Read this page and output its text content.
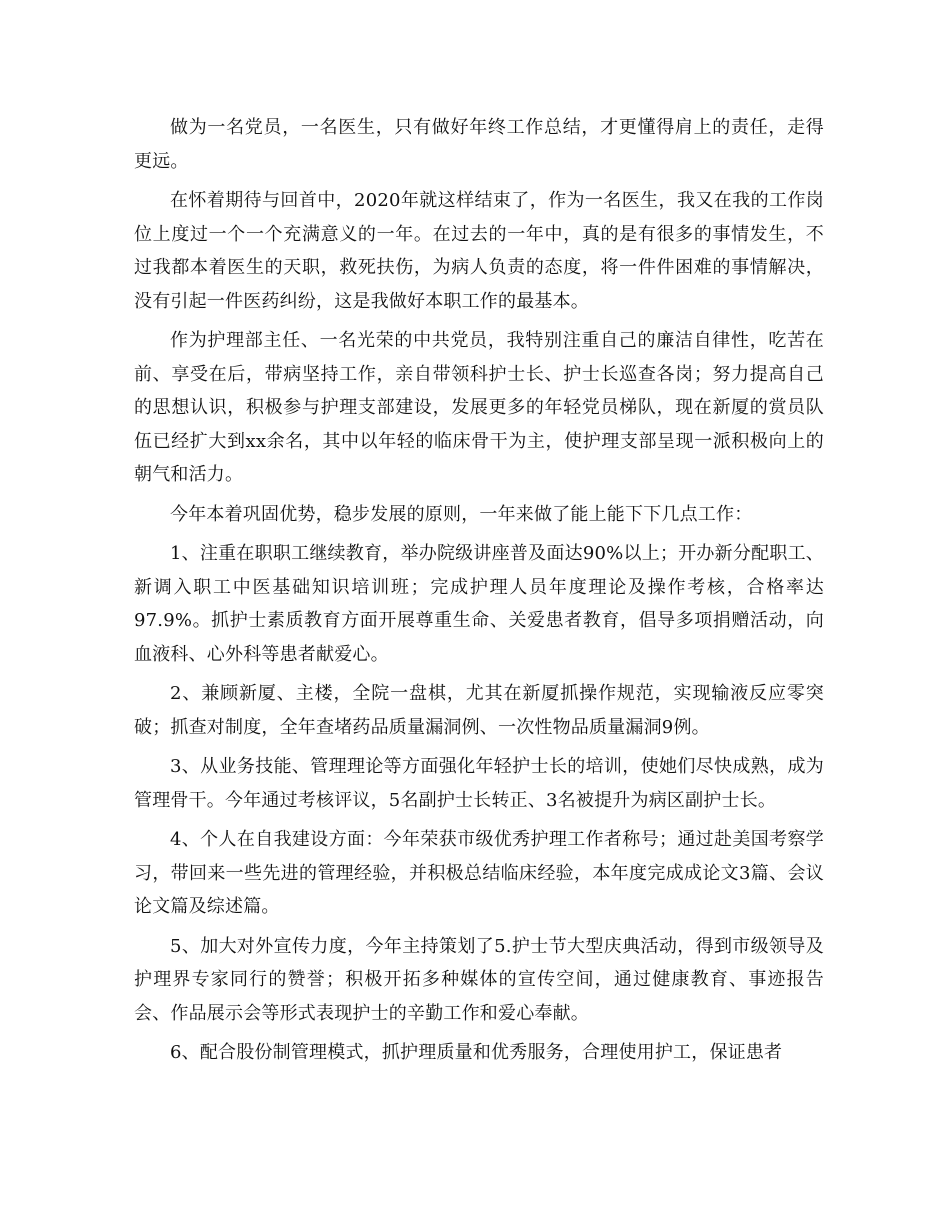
做为一名党员，一名医生，只有做好年终工作总结，才更懂得肩上的责任，走得更远。

在怀着期待与回首中，2020年就这样结束了，作为一名医生，我又在我的工作岗位上度过一个一个充满意义的一年。在过去的一年中，真的是有很多的事情发生，不过我都本着医生的天职，救死扶伤，为病人负责的态度，将一件件困难的事情解决，没有引起一件医药纠纷，这是我做好本职工作的最基本。

作为护理部主任、一名光荣的中共党员，我特别注重自己的廉洁自律性，吃苦在前、享受在后，带病坚持工作，亲自带领科护士长、护士长巡查各岗；努力提高自己的思想认识，积极参与护理支部建设，发展更多的年轻党员梯队，现在新厦的赏员队伍已经扩大到xx余名，其中以年轻的临床骨干为主，使护理支部呈现一派积极向上的朝气和活力。

今年本着巩固优势，稳步发展的原则，一年来做了能上能下下几点工作：

1、注重在职职工继续教育，举办院级讲座普及面达90%以上；开办新分配职工、新调入职工中医基础知识培训班；完成护理人员年度理论及操作考核，合格率达97.9%。抓护士素质教育方面开展尊重生命、关爱患者教育，倡导多项捐赠活动，向血液科、心外科等患者献爱心。

2、兼顾新厦、主楼，全院一盘棋，尤其在新厦抓操作规范，实现输液反应零突破；抓查对制度，全年查堵药品质量漏洞例、一次性物品质量漏洞9例。

3、从业务技能、管理理论等方面强化年轻护士长的培训，使她们尽快成熟，成为管理骨干。今年通过考核评议，5名副护士长转正、3名被提升为病区副护士长。

4、个人在自我建设方面：今年荣获市级优秀护理工作者称号；通过赴美国考察学习，带回来一些先进的管理经验，并积极总结临床经验，本年度完成成论文3篇、会议论文篇及综述篇。

5、加大对外宣传力度，今年主持策划了5.护士节大型庆典活动，得到市级领导及护理界专家同行的赞誉；积极开拓多种媒体的宣传空间，通过健康教育、事迹报告会、作品展示会等形式表现护士的辛勤工作和爱心奉献。

6、配合股份制管理模式，抓护理质量和优秀服务，合理使用护工，保证患者
